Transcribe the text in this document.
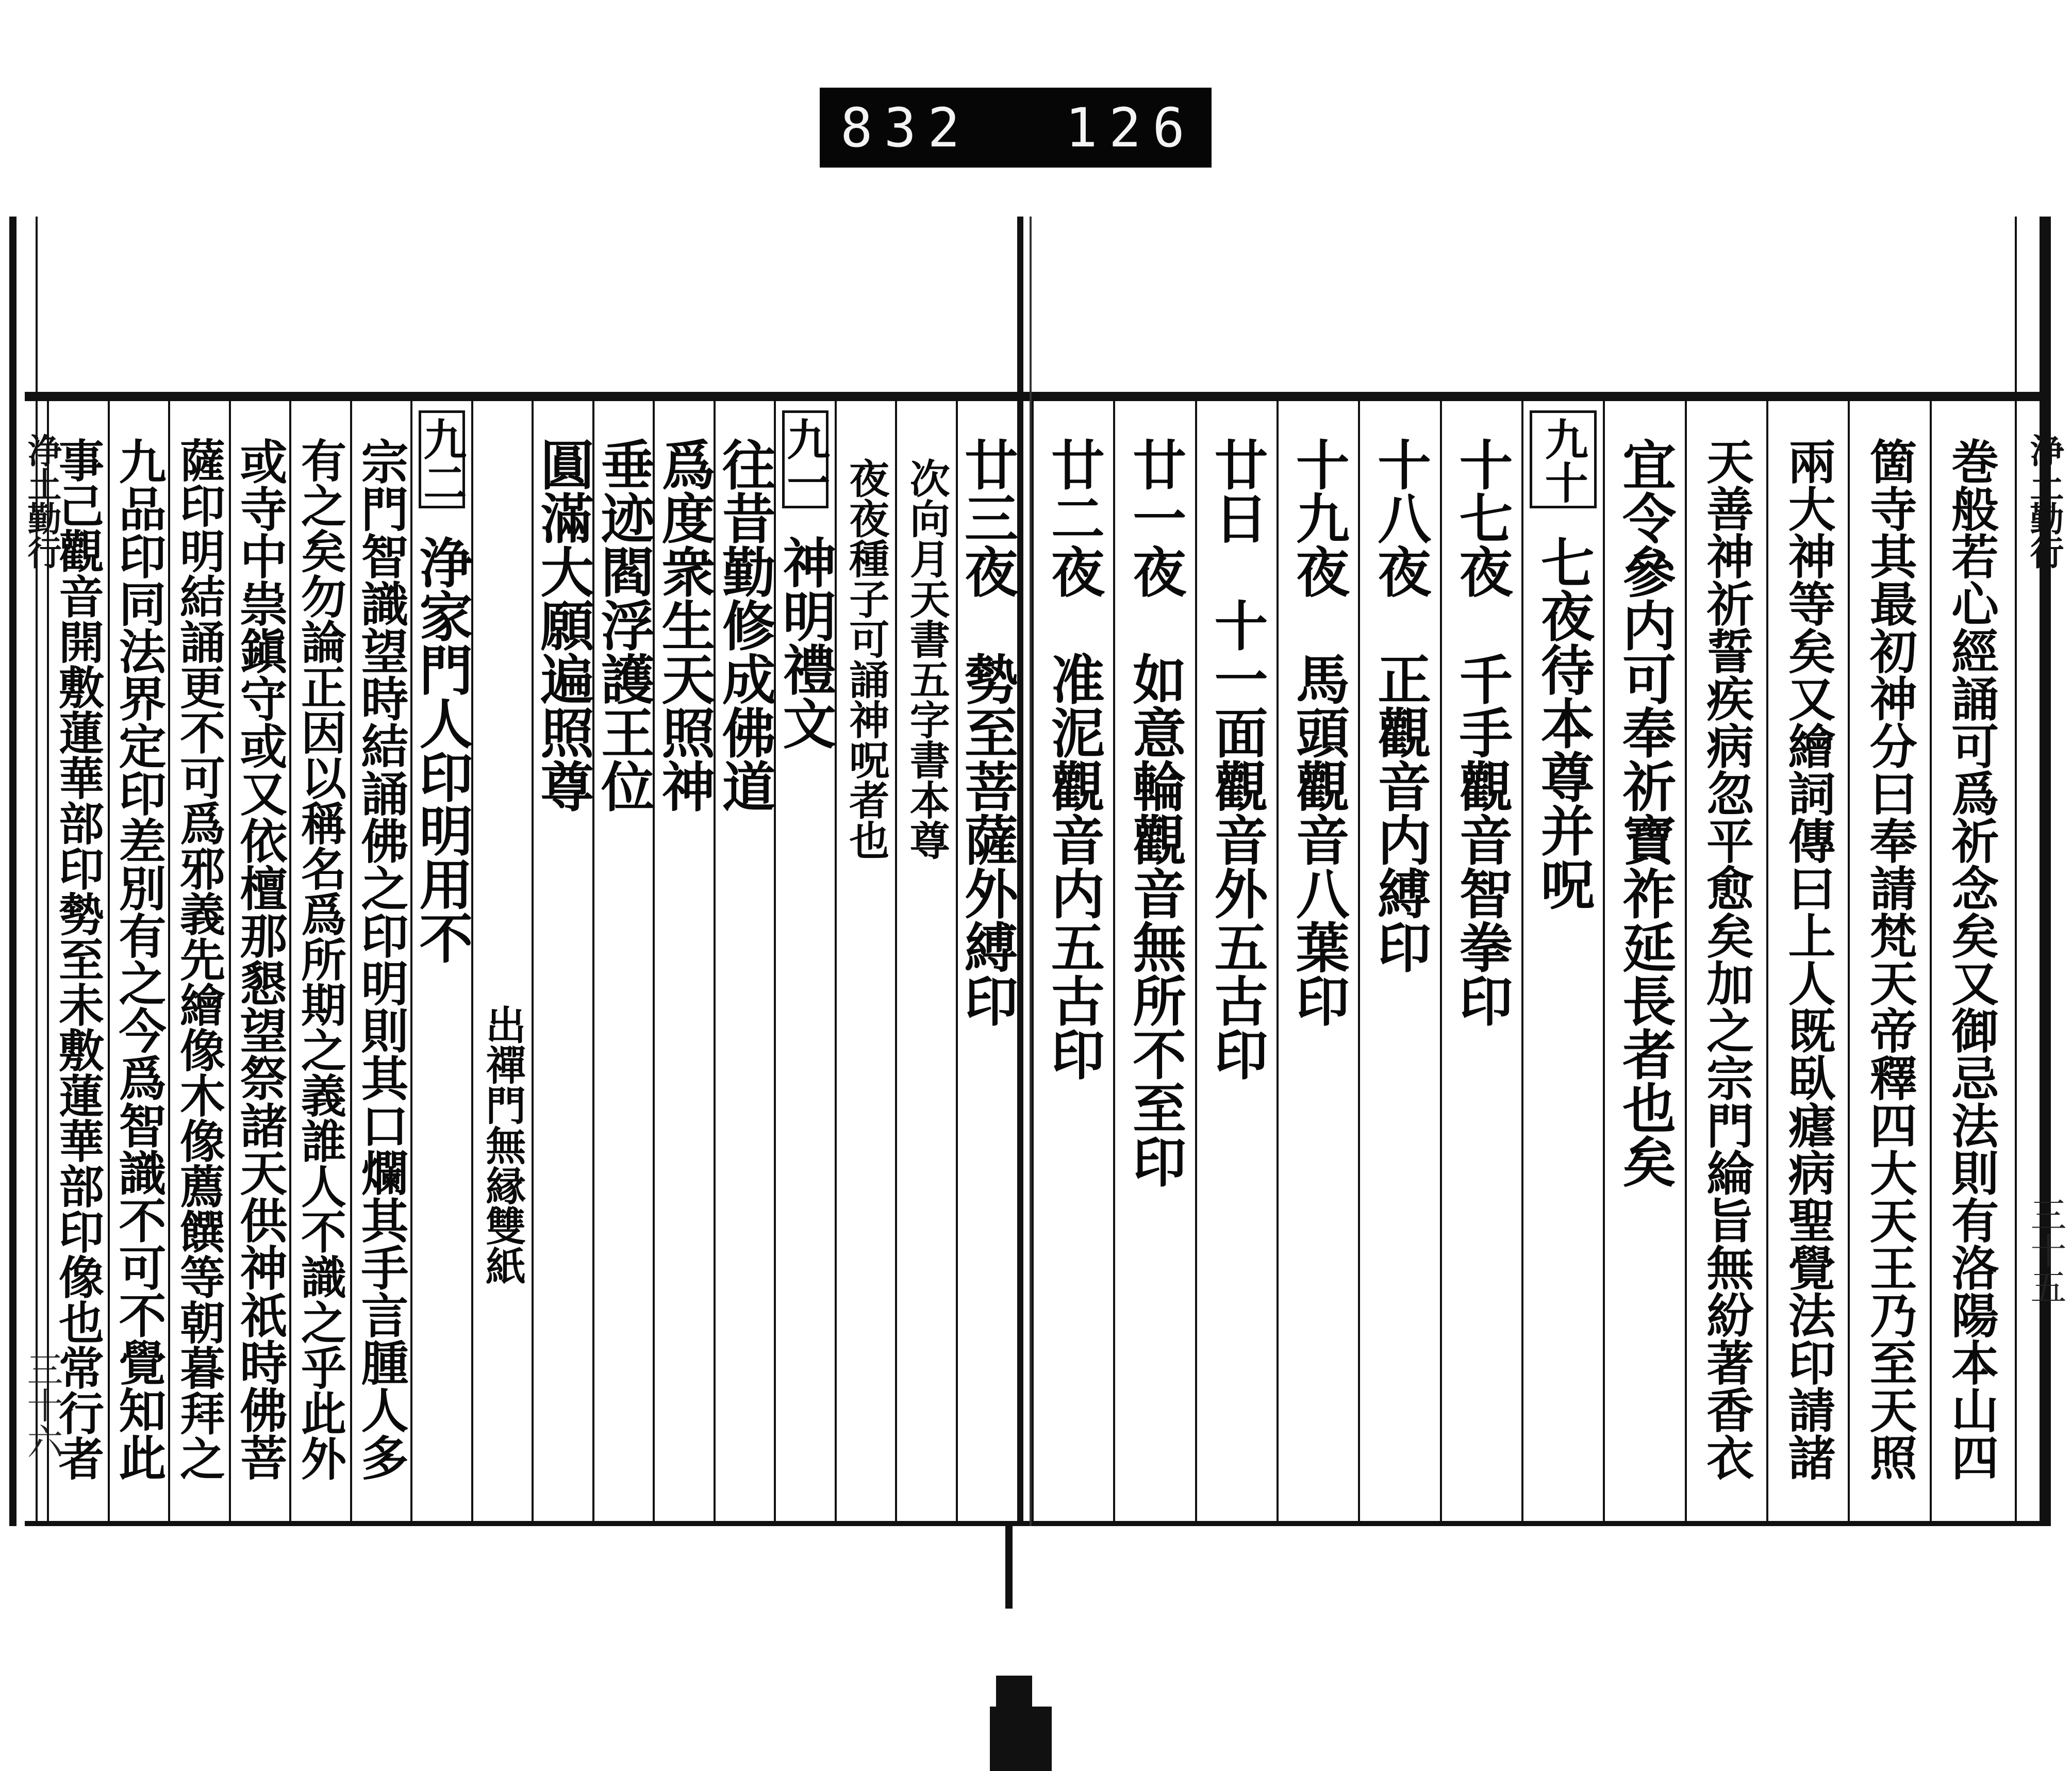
832 126
浄土勤行
三十六
浄土勤行
三十五
巻般若心經誦可爲祈念矣又御忌法則有洛陽本山四
箇寺其最初神分曰奉請梵天帝釋四大天王乃至天照
兩大神等矣又繪詞傳曰上人既臥瘧病聖覺法印請諸
天善神祈誓疾病忽平愈矣加之宗門綸旨無紛著香衣
宜令參内可奉祈寶祚延長者也矣
九十
七夜待本尊并呪
十七夜　千手觀音智拳印
十八夜　正觀音内縛印
十九夜　馬頭觀音八葉印
廿日　十一面觀音外五古印
廿一夜　如意輪觀音無所不至印
廿二夜　准泥觀音内五古印
廿三夜　勢至菩薩外縛印
次向月天書五字書本尊
夜夜種子可誦神呪者也
九一
神明禮文
往昔勤修成佛道
爲度衆生天照神
垂迹閻浮護王位
圓滿大願遍照尊
出禪門無縁雙紙
九二
浄家門人印明用不
宗門智識望時結誦佛之印明則其口爛其手言腫人多
有之矣勿論正因以稱名爲所期之義誰人不識之乎此外
或寺中祟鎭守或又依檀那懇望祭諸天供神祇時佛菩
薩印明結誦更不可爲邪義先繪像木像薦饌等朝暮拜之
九品印同法界定印差別有之今爲智識不可不覺知此
事己觀音開敷蓮華部印勢至未敷蓮華部印像也常行者
